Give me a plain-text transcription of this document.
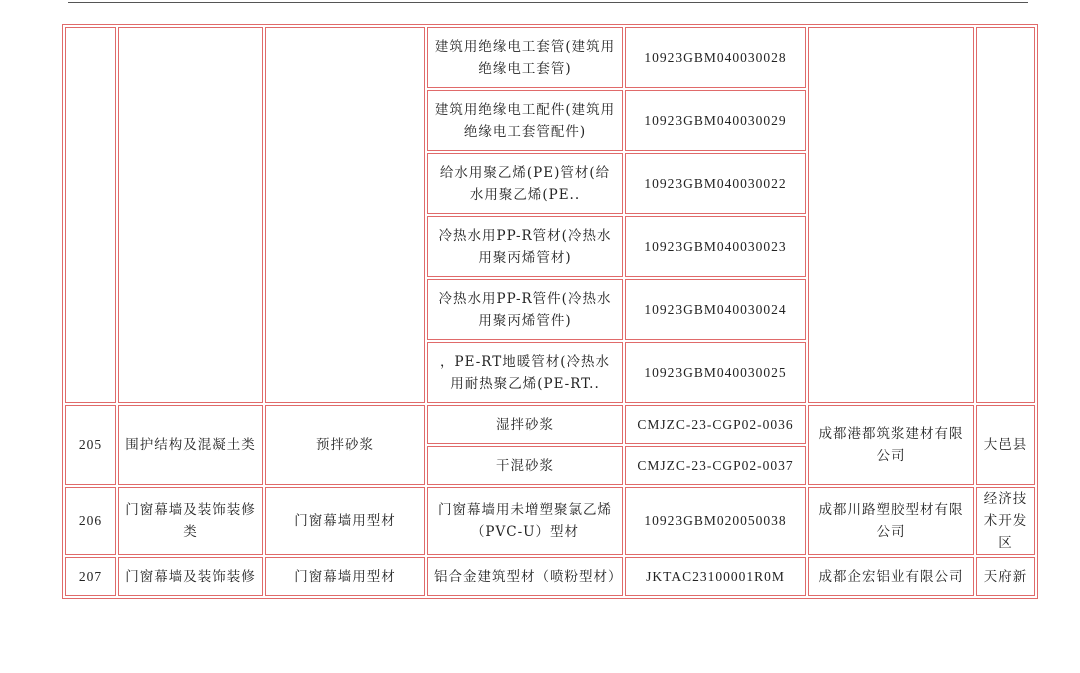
			建筑用绝缘电工套管(建筑用绝缘电工套管)	10923GBM040030028		
			建筑用绝缘电工配件(建筑用绝缘电工套管配件)	10923GBM040030029		
			给水用聚乙烯(PE)管材(给水用聚乙烯(PE..	10923GBM040030022		
			冷热水用PP-R管材(冷热水用聚丙烯管材)	10923GBM040030023		
			冷热水用PP-R管件(冷热水用聚丙烯管件)	10923GBM040030024		
			，PE-RT地暖管材(冷热水用耐热聚乙烯(PE-RT..	10923GBM040030025		
205	围护结构及混凝土类	预拌砂浆	湿拌砂浆	CMJZC-23-CGP02-0036	成都港都筑浆建材有限公司	大邑县
			干混砂浆	CMJZC-23-CGP02-0037		
206	门窗幕墙及装饰装修类	门窗幕墙用型材	门窗幕墙用未增塑聚氯乙烯（PVC-U）型材	10923GBM020050038	成都川路塑胶型材有限公司	经济技术开发区
207	门窗幕墙及装饰装修	门窗幕墙用型材	铝合金建筑型材（喷粉型材）	JKTAC23100001R0M	成都企宏铝业有限公司	天府新
